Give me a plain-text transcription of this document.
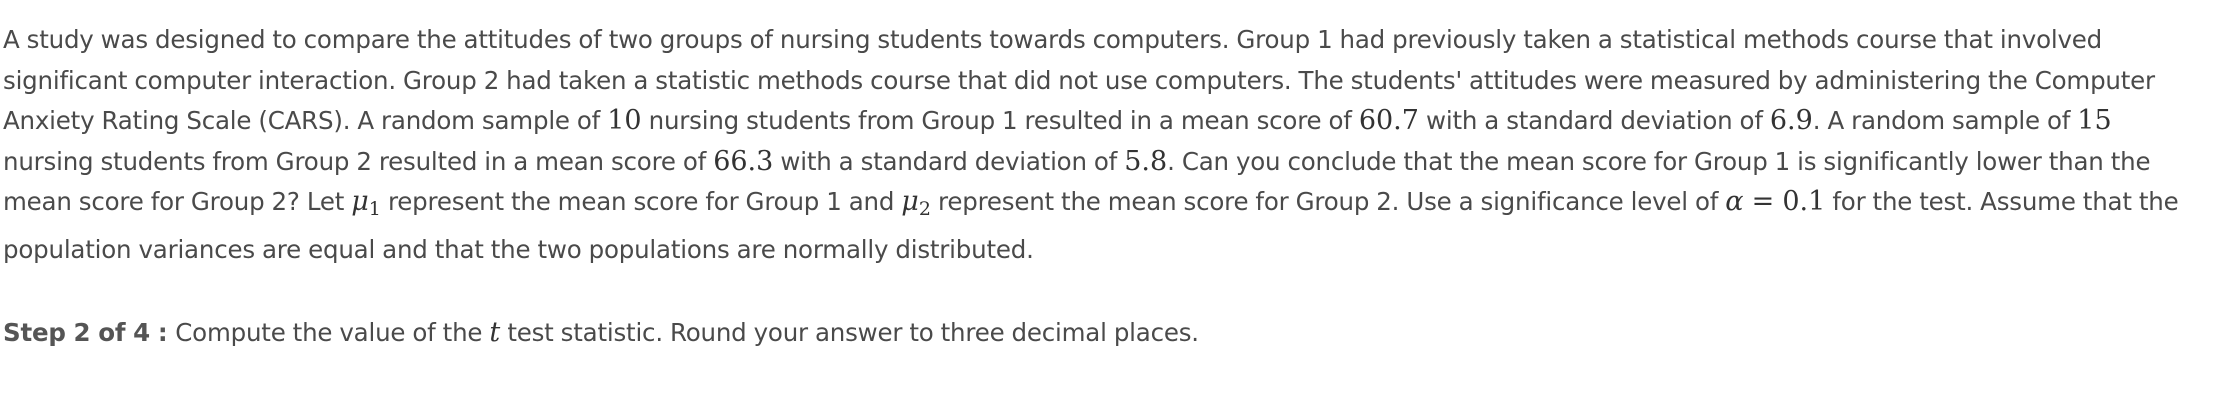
A study was designed to compare the attitudes of two groups of nursing students towards computers. Group 1 had previously taken a statistical methods course that involved significant computer interaction. Group 2 had taken a statistic methods course that did not use computers. The students' attitudes were measured by administering the Computer Anxiety Rating Scale (CARS). A random sample of 10 nursing students from Group 1 resulted in a mean score of 60.7 with a standard deviation of 6.9. A random sample of 15 nursing students from Group 2 resulted in a mean score of 66.3 with a standard deviation of 5.8. Can you conclude that the mean score for Group 1 is significantly lower than the mean score for Group 2? Let $\mu_1$ represent the mean score for Group 1 and $\mu_2$ represent the mean score for Group 2. Use a significance level of α = 0.1 for the test. Assume that the population variances are equal and that the two populations are normally distributed.
Step 2 of 4 : Compute the value of the t test statistic. Round your answer to three decimal places.
